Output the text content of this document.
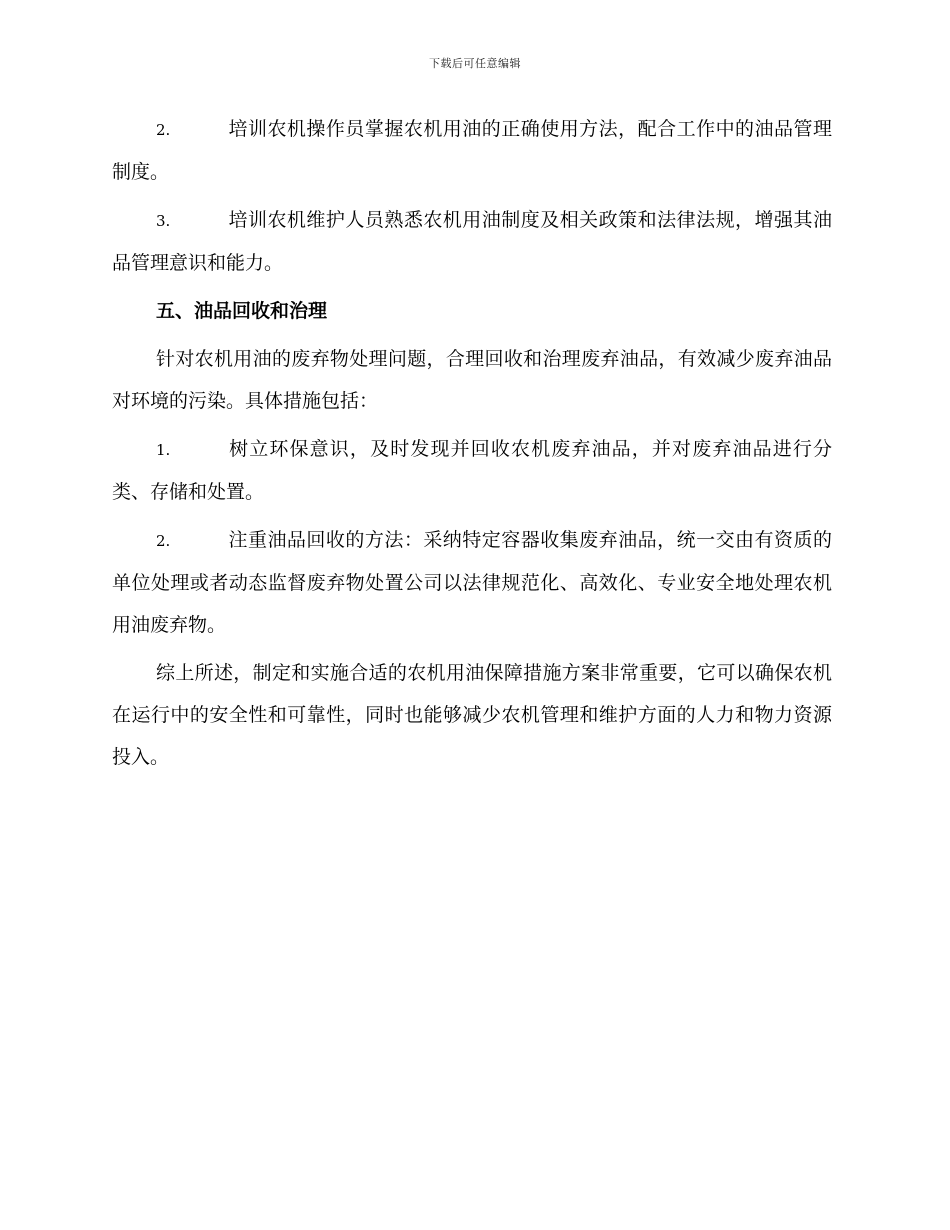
下载后可任意编辑

2.	培训农机操作员掌握农机用油的正确使用方法，配合工作中的油品管理制度。

3.	培训农机维护人员熟悉农机用油制度及相关政策和法律法规，增强其油品管理意识和能力。

五、油品回收和治理

针对农机用油的废弃物处理问题，合理回收和治理废弃油品，有效减少废弃油品对环境的污染。具体措施包括：

1.	树立环保意识，及时发现并回收农机废弃油品，并对废弃油品进行分类、存储和处置。

2.	注重油品回收的方法：采纳特定容器收集废弃油品，统一交由有资质的单位处理或者动态监督废弃物处置公司以法律规范化、高效化、专业安全地处理农机用油废弃物。

综上所述，制定和实施合适的农机用油保障措施方案非常重要，它可以确保农机在运行中的安全性和可靠性，同时也能够减少农机管理和维护方面的人力和物力资源投入。
